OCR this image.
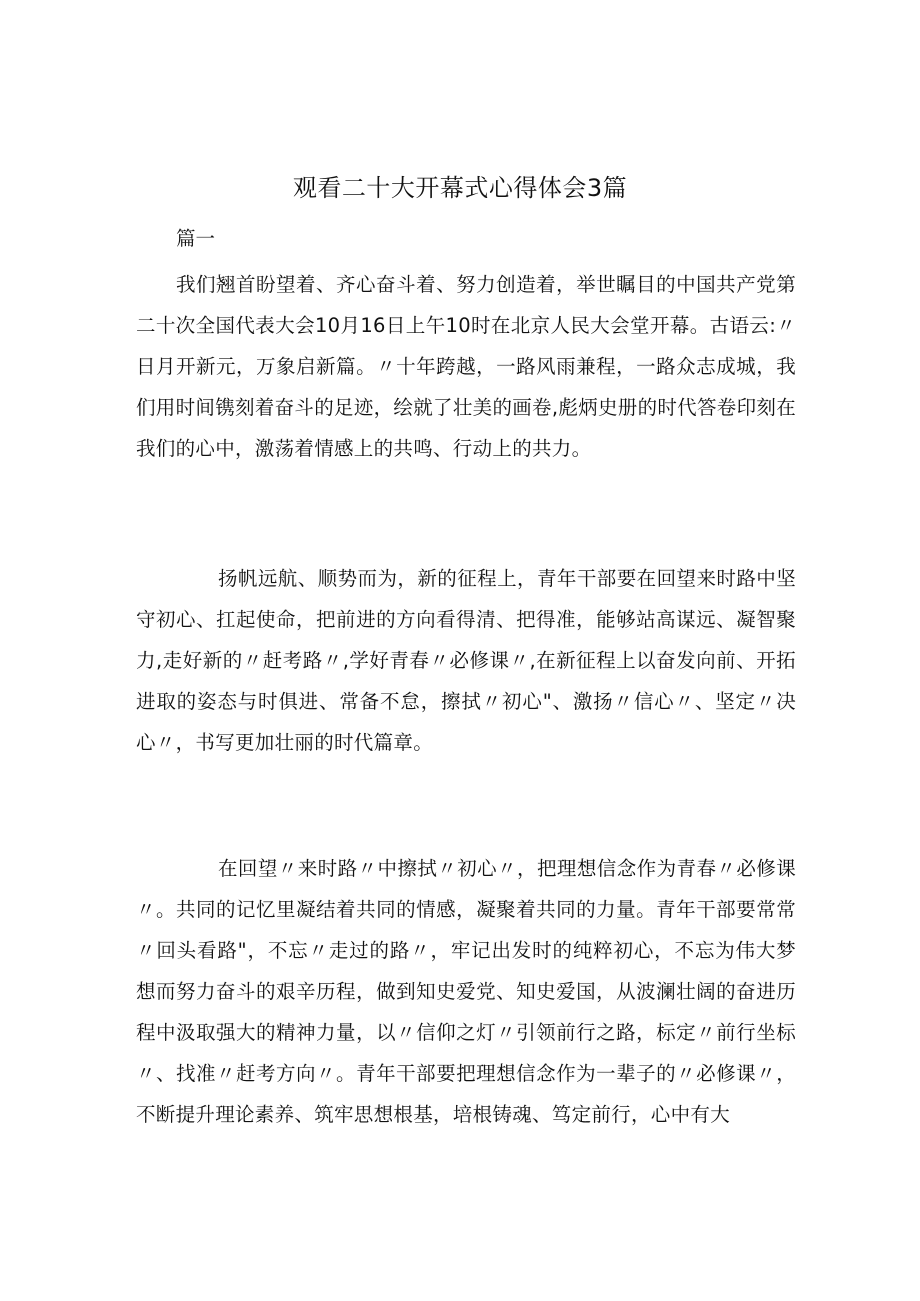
观看二十大开幕式心得体会3篇
篇一

我们翘首盼望着、齐心奋斗着、努力创造着，举世瞩目的中国共产党第二十次全国代表大会10月16日上午10时在北京人民大会堂开幕。古语云:〃日月开新元，万象启新篇。〃十年跨越，一路风雨兼程，一路众志成城，我们用时间镌刻着奋斗的足迹，绘就了壮美的画卷,彪炳史册的时代答卷印刻在我们的心中，激荡着情感上的共鸣、行动上的共力。

扬帆远航、顺势而为，新的征程上，青年干部要在回望来时路中坚守初心、扛起使命，把前进的方向看得清、把得准，能够站高谋远、凝智聚力,走好新的〃赶考路〃,学好青春〃必修课〃,在新征程上以奋发向前、开拓进取的姿态与时俱进、常备不怠，擦拭〃初心"、激扬〃信心〃、坚定〃决心〃，书写更加壮丽的时代篇章。

在回望〃来时路〃中擦拭〃初心〃，把理想信念作为青春〃必修课〃。共同的记忆里凝结着共同的情感，凝聚着共同的力量。青年干部要常常〃回头看路"，不忘〃走过的路〃，牢记出发时的纯粹初心，不忘为伟大梦想而努力奋斗的艰辛历程，做到知史爱党、知史爱国，从波澜壮阔的奋进历程中汲取强大的精神力量，以〃信仰之灯〃引领前行之路，标定〃前行坐标〃、找准〃赶考方向〃。青年干部要把理想信念作为一辈子的〃必修课〃，不断提升理论素养、筑牢思想根基，培根铸魂、笃定前行，心中有大
